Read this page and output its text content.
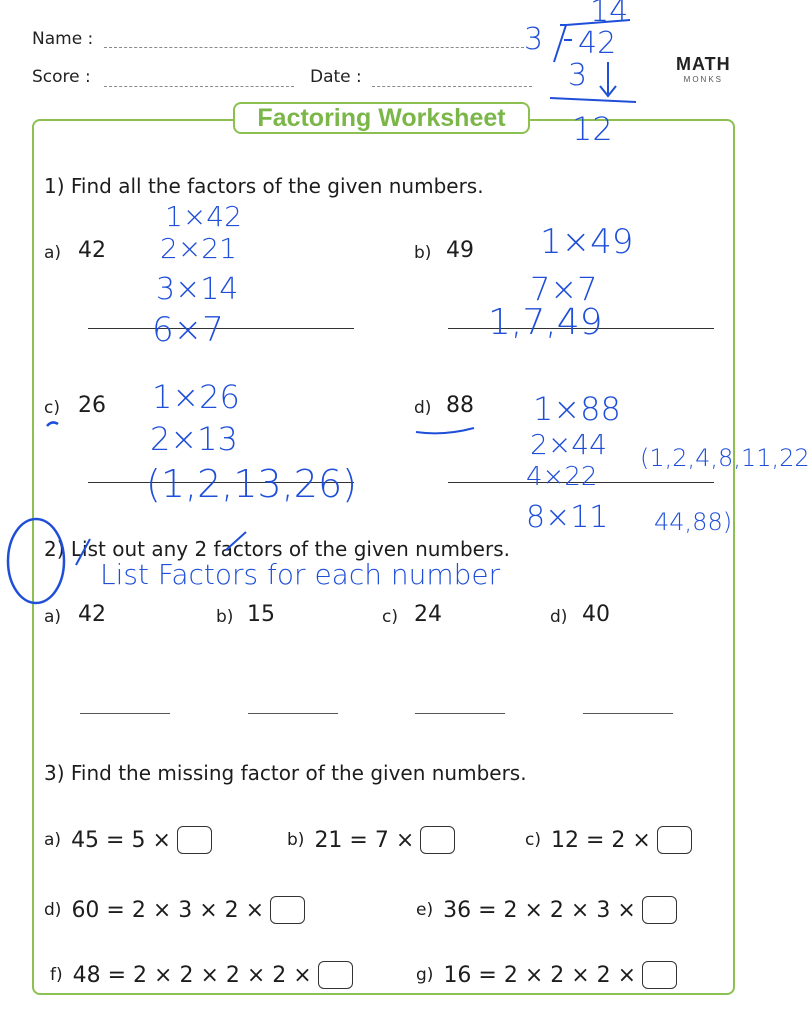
Name :
Score :	Date :
MATH
MONKS
Factoring Worksheet
1) Find all the factors of the given numbers.
a) 42	b) 49
c) 26	d) 88
2) List out any 2 factors of the given numbers.
a) 42	b) 15	c) 24	d) 40
3) Find the missing factor of the given numbers.
a) 45 = 5 ×	b) 21 = 7 ×	c) 12 = 2 ×
d) 60 = 2 × 3 × 2 ×	e) 36 = 2 × 2 × 3 ×
f) 48 = 2 × 2 × 2 × 2 ×	g) 16 = 2 × 2 × 2 ×
14
3 42
3
12
1×42
2×21
3×14
6×7
1×49
7×7
1,7,49
1×26
2×13
(1,2,13,26)
1×88
2×44
4×22
8×11
(1,2,4,8,11,22
44,88)
List Factors for each number
